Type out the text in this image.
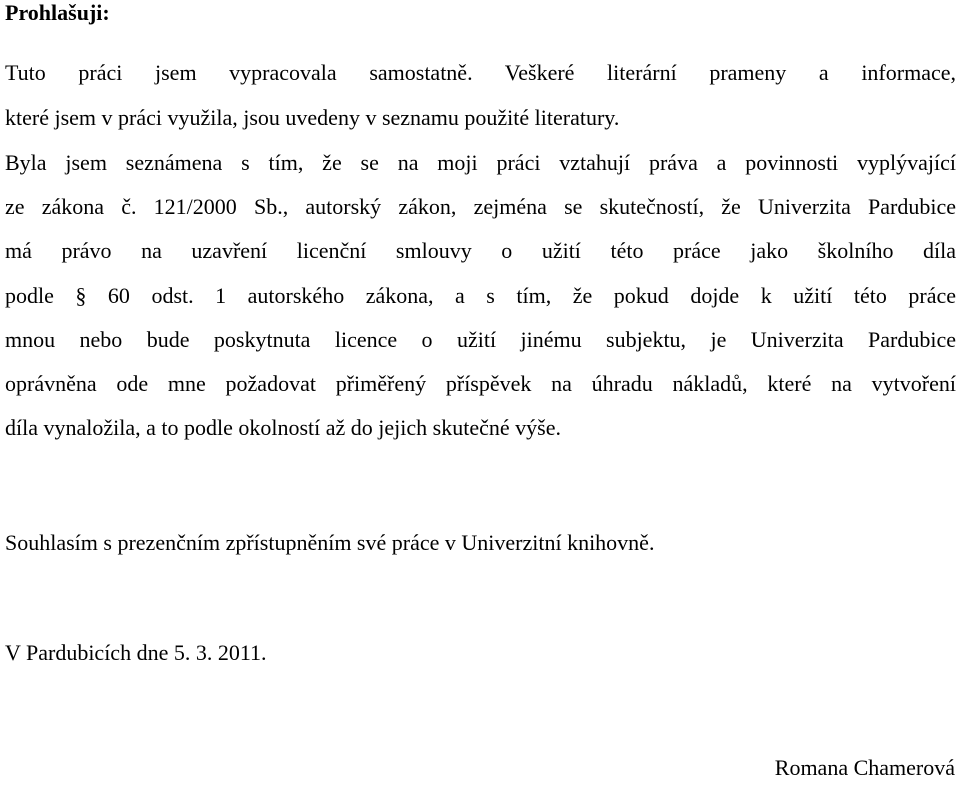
Prohlašuji:
Tuto práci jsem vypracovala samostatně. Veškeré literární prameny a informace,
které jsem v práci využila, jsou uvedeny v seznamu použité literatury.
Byla jsem seznámena s tím, že se na moji práci vztahují práva a povinnosti vyplývající
ze zákona č. 121/2000 Sb., autorský zákon, zejména se skutečností, že Univerzita Pardubice
má právo na uzavření licenční smlouvy o užití této práce jako školního díla
podle § 60 odst. 1 autorského zákona, a s tím, že pokud dojde k užití této práce
mnou nebo bude poskytnuta licence o užití jinému subjektu, je Univerzita Pardubice
oprávněna ode mne požadovat přiměřený příspěvek na úhradu nákladů, které na vytvoření
díla vynaložila, a to podle okolností až do jejich skutečné výše.

Souhlasím s prezenčním zpřístupněním své práce v Univerzitní knihovně.

V Pardubicích dne 5. 3. 2011.

Romana Chamerová
